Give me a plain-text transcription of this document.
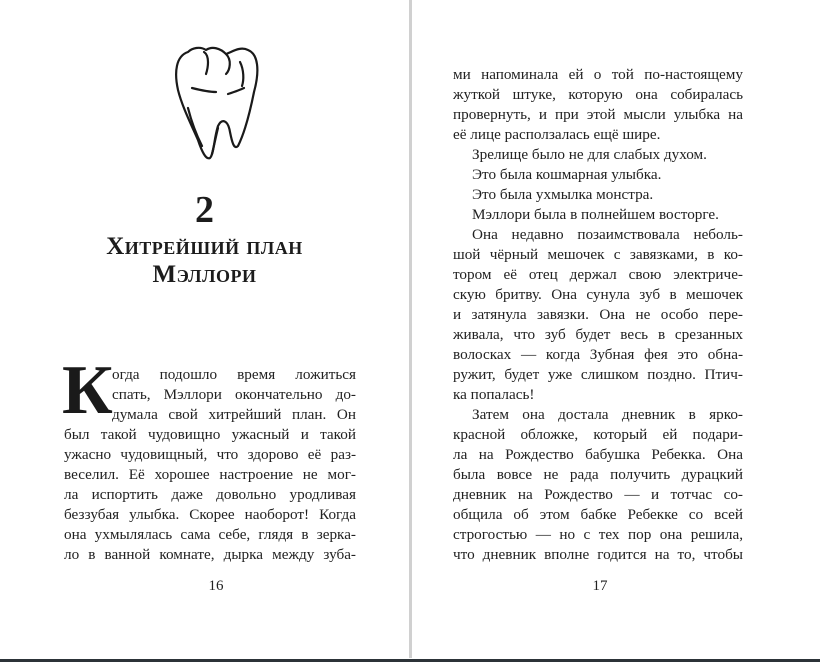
2
Хитрейший план
Мэллори
К огда подошло время ложиться
спать, Мэллори окончательно до-
думала свой хитрейший план. Он
был такой чудовищно ужасный и такой
ужасно чудовищный, что здорово её раз-
веселил. Её хорошее настроение не мог-
ла испортить даже довольно уродливая
беззубая улыбка. Скорее наоборот! Когда
она ухмылялась сама себе, глядя в зерка-
ло в ванной комнате, дырка между зуба-
16	17
ми напоминала ей о той по-настоящему
жуткой штуке, которую она собиралась
провернуть, и при этой мысли улыбка на
её лице расползалась ещё шире.
Зрелище было не для слабых духом.
Это была кошмарная улыбка.
Это была ухмылка монстра.
Мэллори была в полнейшем восторге.
Она недавно позаимствовала неболь-
шой чёрный мешочек с завязками, в ко-
тором её отец держал свою электриче-
скую бритву. Она сунула зуб в мешочек
и затянула завязки. Она не особо пере-
живала, что зуб будет весь в срезанных
волосках — когда Зубная фея это обна-
ружит, будет уже слишком поздно. Птич-
ка попалась!
Затем она достала дневник в ярко-
красной обложке, который ей подари-
ла на Рождество бабушка Ребекка. Она
была вовсе не рада получить дурацкий
дневник на Рождество — и тотчас со-
общила об этом бабке Ребекке со всей
строгостью — но с тех пор она решила,
что дневник вполне годится на то, чтобы
